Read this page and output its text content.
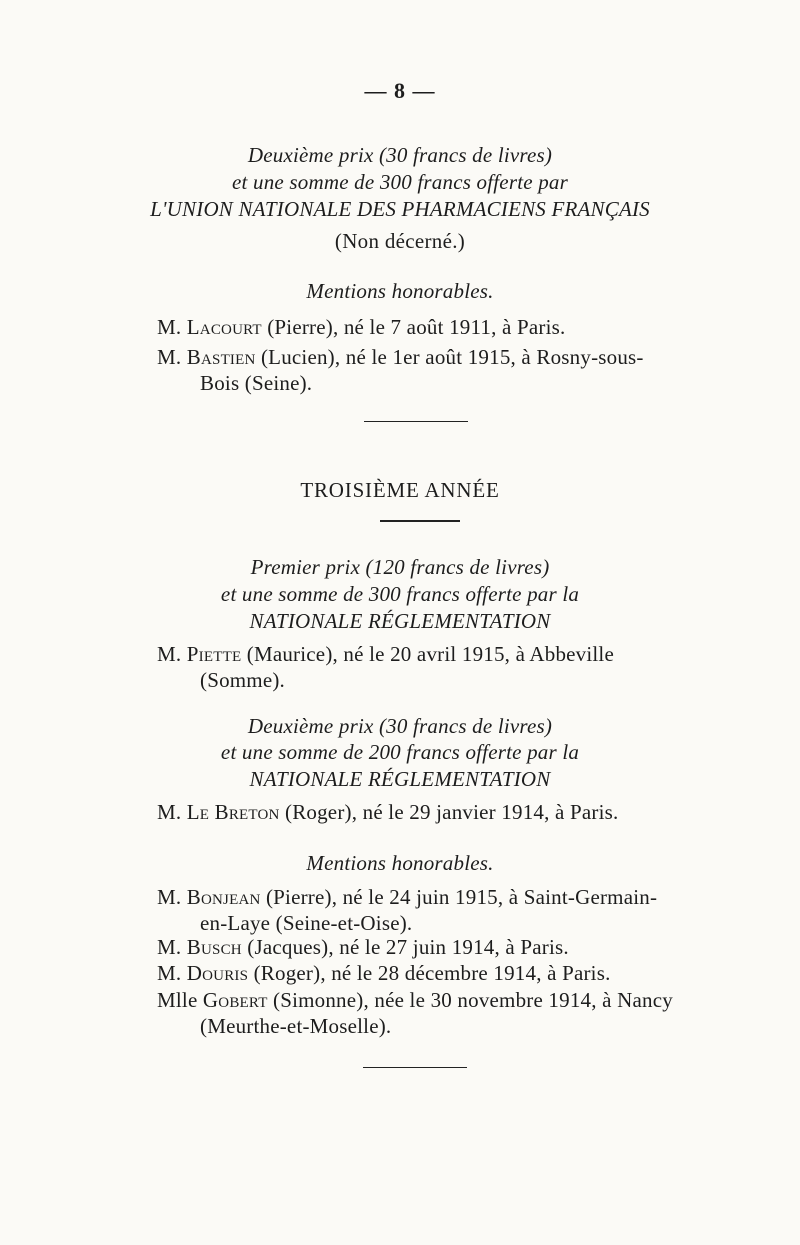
— 8 —
Deuxième prix (30 francs de livres)
et une somme de 300 francs offerte par
L'UNION NATIONALE DES PHARMACIENS FRANÇAIS
(Non décerné.)
Mentions honorables.
M. Lacourt (Pierre), né le 7 août 1911, à Paris.
M. Bastien (Lucien), né le 1er août 1915, à Rosny-sous-
Bois (Seine).
TROISIÈME ANNÉE
Premier prix (120 francs de livres)
et une somme de 300 francs offerte par la
NATIONALE RÉGLEMENTATION
M. Piette (Maurice), né le 20 avril 1915, à Abbeville
(Somme).
Deuxième prix (30 francs de livres)
et une somme de 200 francs offerte par la
NATIONALE RÉGLEMENTATION
M. Le Breton (Roger), né le 29 janvier 1914, à Paris.
Mentions honorables.
M. Bonjean (Pierre), né le 24 juin 1915, à Saint-Germain-
en-Laye (Seine-et-Oise).
M. Busch (Jacques), né le 27 juin 1914, à Paris.
M. Douris (Roger), né le 28 décembre 1914, à Paris.
Mlle Gobert (Simonne), née le 30 novembre 1914, à Nancy
(Meurthe-et-Moselle).
